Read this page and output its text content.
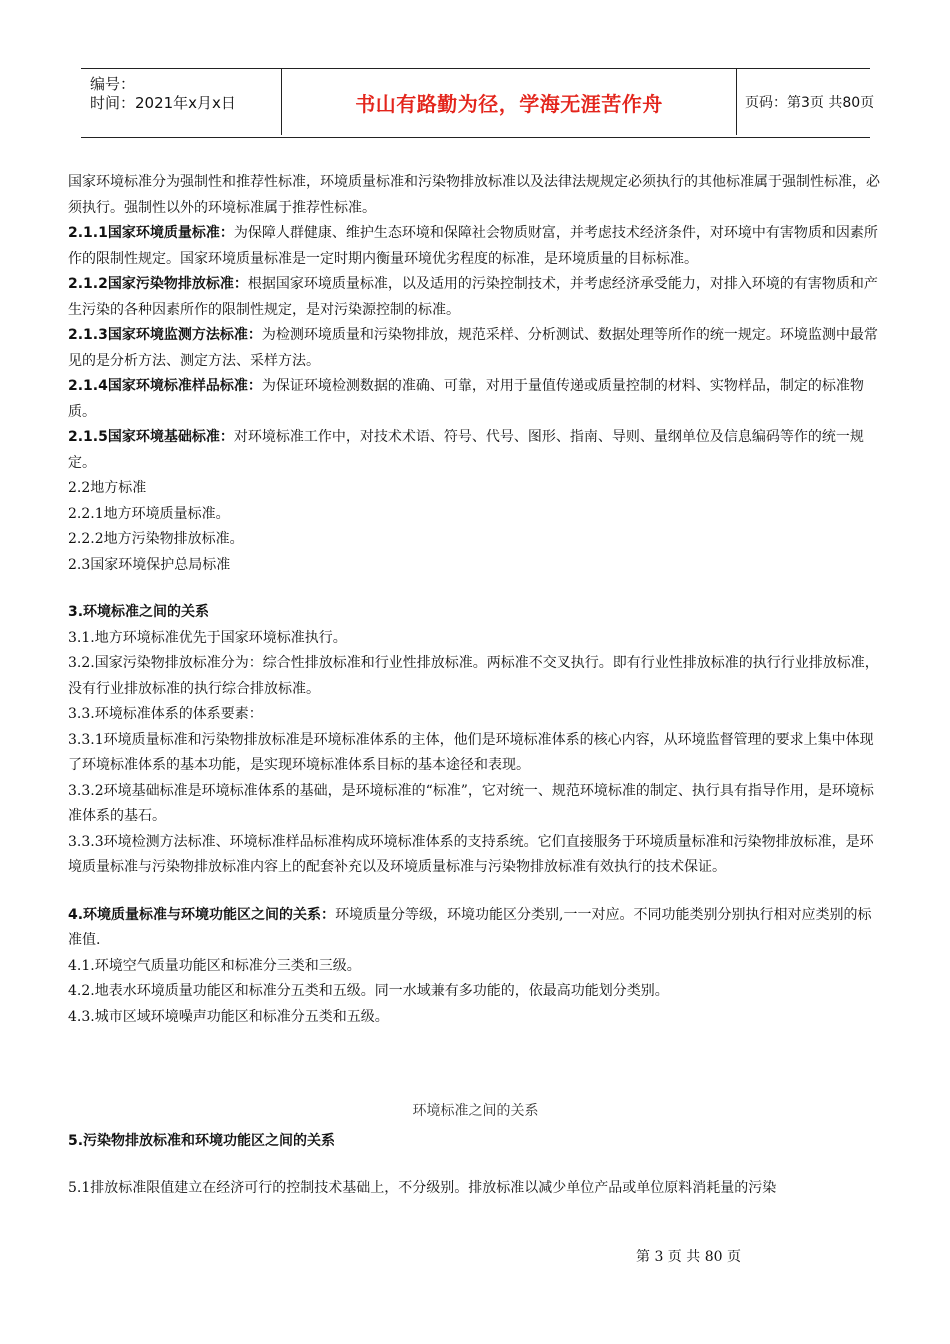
编号：
时间：2021年x月x日	书山有路勤为径，学海无涯苦作舟	页码：第3页 共80页

国家环境标准分为强制性和推荐性标准，环境质量标准和污染物排放标准以及法律法规规定必须执行的其他标准属于强制性标准，必须执行。强制性以外的环境标准属于推荐性标准。

2.1.1国家环境质量标准：为保障人群健康、维护生态环境和保障社会物质财富，并考虑技术经济条件，对环境中有害物质和因素所作的限制性规定。国家环境质量标准是一定时期内衡量环境优劣程度的标准，是环境质量的目标标准。

2.1.2国家污染物排放标准：根据国家环境质量标准，以及适用的污染控制技术，并考虑经济承受能力，对排入环境的有害物质和产生污染的各种因素所作的限制性规定，是对污染源控制的标准。

2.1.3国家环境监测方法标准：为检测环境质量和污染物排放，规范采样、分析测试、数据处理等所作的统一规定。环境监测中最常见的是分析方法、测定方法、采样方法。

2.1.4国家环境标准样品标准：为保证环境检测数据的准确、可靠，对用于量值传递或质量控制的材料、实物样品，制定的标准物质。

2.1.5国家环境基础标准：对环境标准工作中，对技术术语、符号、代号、图形、指南、导则、量纲单位及信息编码等作的统一规定。

2.2地方标准

2.2.1地方环境质量标准。

2.2.2地方污染物排放标准。

2.3国家环境保护总局标准

3.环境标准之间的关系

3.1.地方环境标准优先于国家环境标准执行。

3.2.国家污染物排放标准分为：综合性排放标准和行业性排放标准。两标准不交叉执行。即有行业性排放标准的执行行业排放标准，没有行业排放标准的执行综合排放标准。

3.3.环境标准体系的体系要素：

3.3.1环境质量标准和污染物排放标准是环境标准体系的主体，他们是环境标准体系的核心内容，从环境监督管理的要求上集中体现了环境标准体系的基本功能，是实现环境标准体系目标的基本途径和表现。

3.3.2环境基础标准是环境标准体系的基础，是环境标准的“标准”，它对统一、规范环境标准的制定、执行具有指导作用，是环境标准体系的基石。

3.3.3环境检测方法标准、环境标准样品标准构成环境标准体系的支持系统。它们直接服务于环境质量标准和污染物排放标准，是环境质量标准与污染物排放标准内容上的配套补充以及环境质量标准与污染物排放标准有效执行的技术保证。

4.环境质量标准与环境功能区之间的关系：环境质量分等级，环境功能区分类别,一一对应。不同功能类别分别执行相对应类别的标准值.

4.1.环境空气质量功能区和标准分三类和三级。

4.2.地表水环境质量功能区和标准分五类和五级。同一水域兼有多功能的，依最高功能划分类别。

4.3.城市区域环境噪声功能区和标准分五类和五级。

环境标准之间的关系

5.污染物排放标准和环境功能区之间的关系

5.1排放标准限值建立在经济可行的控制技术基础上，不分级别。排放标准以减少单位产品或单位原料消耗量的污染

第 3 页 共 80 页
